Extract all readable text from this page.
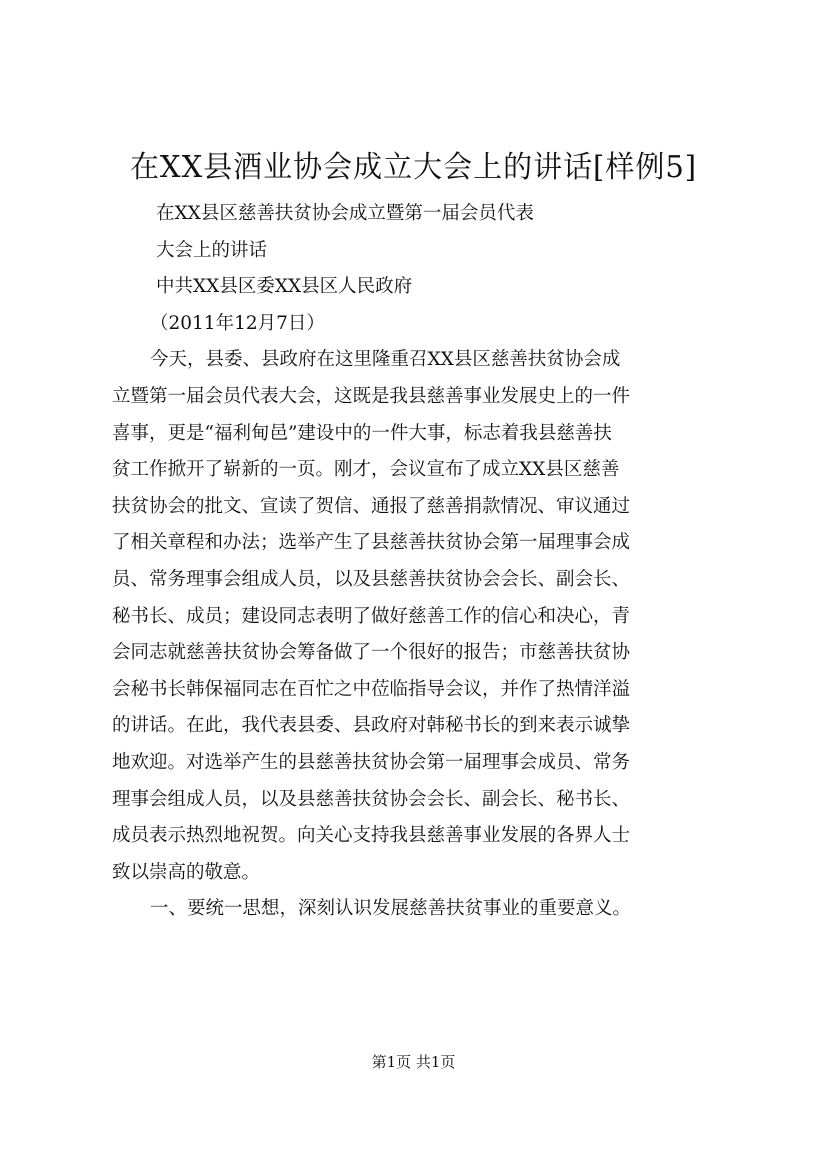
在XX县酒业协会成立大会上的讲话[样例5]
在XX县区慈善扶贫协会成立暨第一届会员代表
大会上的讲话
中共XX县区委XX县区人民政府
（2011年12月7日）
今天，县委、县政府在这里隆重召XX县区慈善扶贫协会成
立暨第一届会员代表大会，这既是我县慈善事业发展史上的一件
喜事，更是“福利甸邑”建设中的一件大事，标志着我县慈善扶
贫工作掀开了崭新的一页。刚才，会议宣布了成立XX县区慈善
扶贫协会的批文、宣读了贺信、通报了慈善捐款情况、审议通过
了相关章程和办法；选举产生了县慈善扶贫协会第一届理事会成
员、常务理事会组成人员，以及县慈善扶贫协会会长、副会长、
秘书长、成员；建设同志表明了做好慈善工作的信心和决心，青
会同志就慈善扶贫协会筹备做了一个很好的报告；市慈善扶贫协
会秘书长韩保福同志在百忙之中莅临指导会议，并作了热情洋溢
的讲话。在此，我代表县委、县政府对韩秘书长的到来表示诚挚
地欢迎。对选举产生的县慈善扶贫协会第一届理事会成员、常务
理事会组成人员，以及县慈善扶贫协会会长、副会长、秘书长、
成员表示热烈地祝贺。向关心支持我县慈善事业发展的各界人士
致以崇高的敬意。
一、要统一思想，深刻认识发展慈善扶贫事业的重要意义。
第1页 共1页
